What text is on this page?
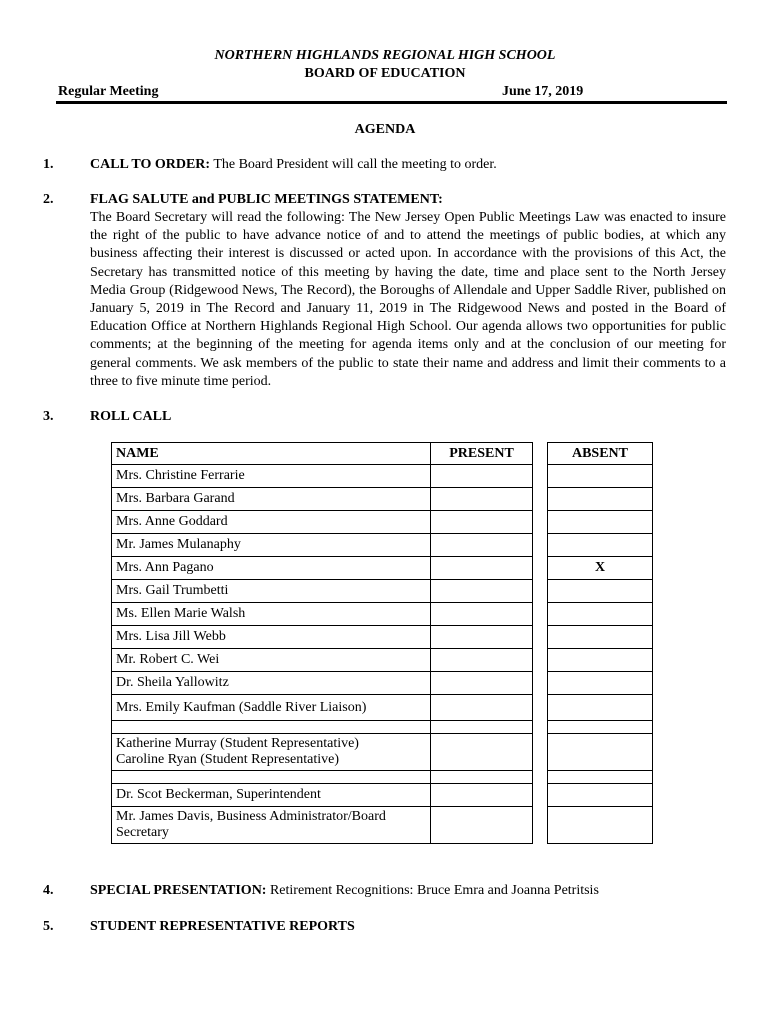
NORTHERN HIGHLANDS REGIONAL HIGH SCHOOL
BOARD OF EDUCATION
Regular Meeting	June 17, 2019
AGENDA
1.	CALL TO ORDER: The Board President will call the meeting to order.
2.	FLAG SALUTE and PUBLIC MEETINGS STATEMENT:
The Board Secretary will read the following: The New Jersey Open Public Meetings Law was enacted to insure the right of the public to have advance notice of and to attend the meetings of public bodies, at which any business affecting their interest is discussed or acted upon. In accordance with the provisions of this Act, the Secretary has transmitted notice of this meeting by having the date, time and place sent to the North Jersey Media Group (Ridgewood News, The Record), the Boroughs of Allendale and Upper Saddle River, published on January 5, 2019 in The Record and January 11, 2019 in The Ridgewood News and posted in the Board of Education Office at Northern Highlands Regional High School. Our agenda allows two opportunities for public comments; at the beginning of the meeting for agenda items only and at the conclusion of our meeting for general comments. We ask members of the public to state their name and address and limit their comments to a three to five minute time period.
3.	ROLL CALL
NAME	PRESENT		ABSENT
Mrs. Christine Ferrarie			
Mrs. Barbara Garand			
Mrs. Anne Goddard			
Mr. James Mulanaphy			
Mrs. Ann Pagano			X
Mrs. Gail Trumbetti			
Ms. Ellen Marie Walsh			
Mrs. Lisa Jill Webb			
Mr. Robert C. Wei			
Dr. Sheila Yallowitz			
Mrs. Emily Kaufman (Saddle River Liaison)			

Katherine Murray (Student Representative)
Caroline Ryan (Student Representative)			

Dr. Scot Beckerman, Superintendent			
Mr. James Davis, Business Administrator/Board Secretary			
4.	SPECIAL PRESENTATION: Retirement Recognitions: Bruce Emra and Joanna Petritsis
5.	STUDENT REPRESENTATIVE REPORTS
